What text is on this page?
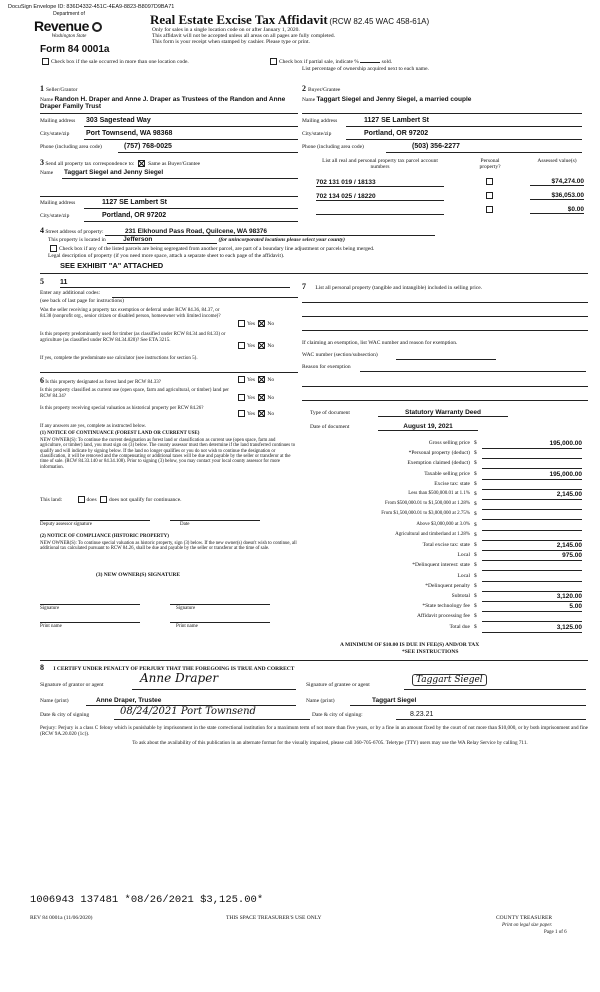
DocuSign Envelope ID: 836D4332-451C-4EA9-8823-B8097D9BA71
Department of
Revenue
Washington State
Form 84 0001a
Real Estate Excise Tax Affidavit (RCW 82.45 WAC 458-61A)
Only for sales in a single location code on or after January 1, 2020.
This affidavit will not be accepted unless all areas on all pages are fully completed.
This form is your receipt when stamped by cashier. Please type or print.
Check box if the sale occurred in more than one location code.	Check box if partial sale, indicate %	sold.
List percentage of ownership acquired next to each name.
1 Seller/Grantor
Name Randon H. Draper and Anne J. Draper as Trustees of the Randon and Anne Draper Family Trust
Mailing address 303 Sagestead Way
City/state/zip Port Townsend, WA 98368
Phone (including area code)	(757) 768-0025
2 Buyer/Grantee
Name Taggart Siegel and Jenny Siegel, a married couple
Mailing address	1127 SE Lambert St
City/state/zip	Portland, OR 97202
Phone (including area code)	(503) 356-2277
3 Send all property tax correspondence to:	Same as Buyer/Grantee
Name Taggart Siegel and Jenny Siegel
Mailing address	1127 SE Lambert St
City/state/zip	Portland, OR 97202
List all real and personal property tax parcel account numbers
Personal property?
Assessed value(s)
702 131 019 / 18133	$74,274.00
702 134 025 / 18220	$36,053.00
$0.00
4 Street address of property:	231 Elkhound Pass Road, Quilcene, WA 98376
This property is located in	Jefferson	(for unincorporated locations please select your county)
Check box if any of the listed parcels are being segregated from another parcel, are part of a boundary line adjustment or parcels being merged.
Legal description of property (if you need more space, attach a separate sheet to each page of the affidavit).
SEE EXHIBIT "A" ATTACHED
5 11
Enter any additional codes:
(see back of last page for instructions)
Was the seller receiving a property tax exemption or deferral under RCW 84.36, 84.37, or 84.38 (nonprofit org., senior citizen or disabled person, homeowner with limited income)?
Yes No
Is this property predominantly used for timber (as classified under RCW 84.34 and 84.33) or agriculture (as classified under RCW 84.34.020)? See ETA 3215.
Yes No
If yes, complete the predominate use calculator (see instructions for section 5).
6 Is this property designated as forest land per RCW 84.33?	Yes No
Is this property classified as current use (open space, farm and agricultural, or timber) land per RCW 84.34?	Yes No
Is this property receiving special valuation as historical property per RCW 84.26?
Yes No
If any answers are yes, complete as instructed below.
(1) NOTICE OF CONTINUANCE (FOREST LAND OR CURRENT USE)
NEW OWNER(S): To continue the current designation as forest land or classification as current use (open space, farm and agriculture, or timber) land, you must sign on (3) below. The county assessor must then determine if the land transferred continues to qualify and will indicate by signing below. If the land no longer qualifies or you do not wish to continue the designation or classification, it will be removed and the compensating or additional taxes will be due and payable by the seller or transferor at the time of sale. (RCW 84.33.140 or 84.34.108). Prior to signing (3) below, you may contact your local county assessor for more information.
This land:	does does not qualify for continuance.
Deputy assessor signature	Date
(2) NOTICE OF COMPLIANCE (HISTORIC PROPERTY)
NEW OWNER(S): To continue special valuation as historic property, sign (3) below. If the new owner(s) doesn't wish to continue, all additional tax calculated pursuant to RCW 84.26, shall be due and payable by the seller or transferor at the time of sale.
(3) NEW OWNER(S) SIGNATURE
Signature	Signature
Print name	Print name
7 List all personal property (tangible and intangible) included in selling price.
If claiming an exemption, list WAC number and reason for exemption.
WAC number (section/subsection)
Reason for exemption
Type of document	Statutory Warranty Deed
Date of document	August 19, 2021
Gross selling price $	195,000.00
*Personal property (deduct) $
Exemption claimed (deduct) $
Taxable selling price $	195,000.00
Excise tax: state $
Less than $500,000.01 at 1.1% $	2,145.00
From $500,000.01 to $1,500,000 at 1.28% $
From $1,500,000.01 to $3,000,000 at 2.75% $
Above $3,000,000 at 3.0% $
Agricultural and timberland at 1.28% $
Total excise tax: state $	2,145.00
Local $	975.00
*Delinquent interest: state $
Local $
*Delinquent penalty $
Subtotal $	3,120.00
*State technology fee $	5.00
Affidavit processing fee $
Total due $	3,125.00
A MINIMUM OF $10.00 IS DUE IN FEE(S) AND/OR TAX
*SEE INSTRUCTIONS
8 I CERTIFY UNDER PENALTY OF PERJURY THAT THE FOREGOING IS TRUE AND CORRECT
Signature of grantor or agent	Anne Draper	Signature of grantee or agent	Taggart Siegel
Name (print)	Anne Draper, Trustee	Name (print)	Taggart Siegel
Date & city of signing	08/24/2021 Port Townsend	Date & city of signing:	8.23.21
Perjury: Perjury is a class C felony which is punishable by imprisonment in the state correctional institution for a maximum term of not more than five years, or by a fine in an amount fixed by the court of not more than $10,000, or by both imprisonment and fine (RCW 9A.20.020 (1c)).
To ask about the availability of this publication in an alternate format for the visually impaired, please call 360-705-6705. Teletype (TTY) users may use the WA Relay Service by calling 711.
1006943 137481 *08/26/2021 $3,125.00*
REV 84 0001a (11/06/2020)	THIS SPACE TREASURER'S USE ONLY	COUNTY TREASURER
Print on legal size paper.
Page 1 of 6
